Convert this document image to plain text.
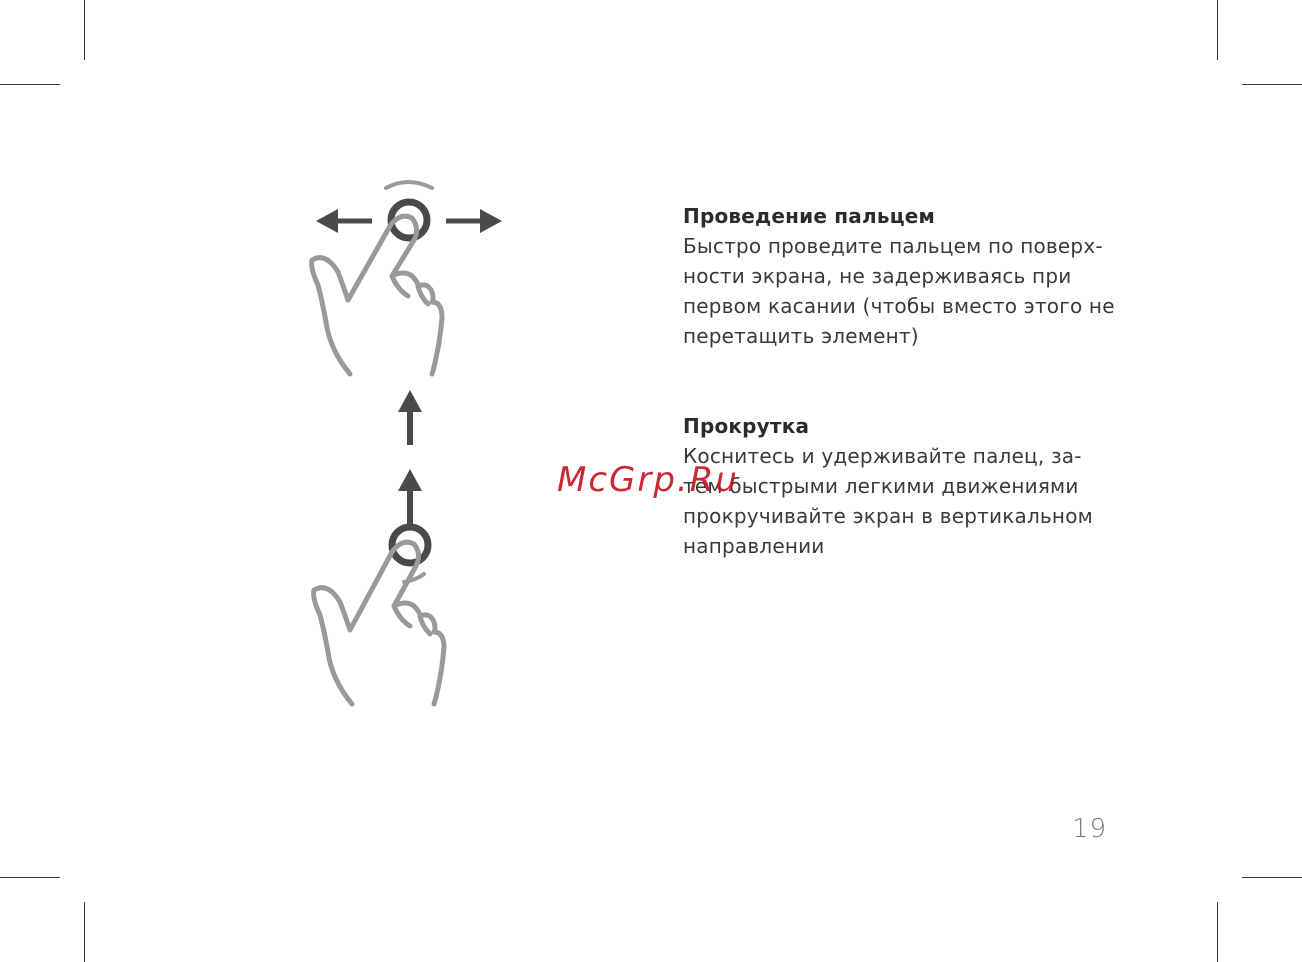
Проведение пальцем

Быстро проведите пальцем по поверх-
ности экрана, не задерживаясь при
первом касании (чтобы вместо этого не
перетащить элемент)

Прокрутка

Коснитесь и удерживайте палец, за-
тем быстрыми легкими движениями
прокручивайте экран в вертикальном
направлении

McGrp.Ru
19
